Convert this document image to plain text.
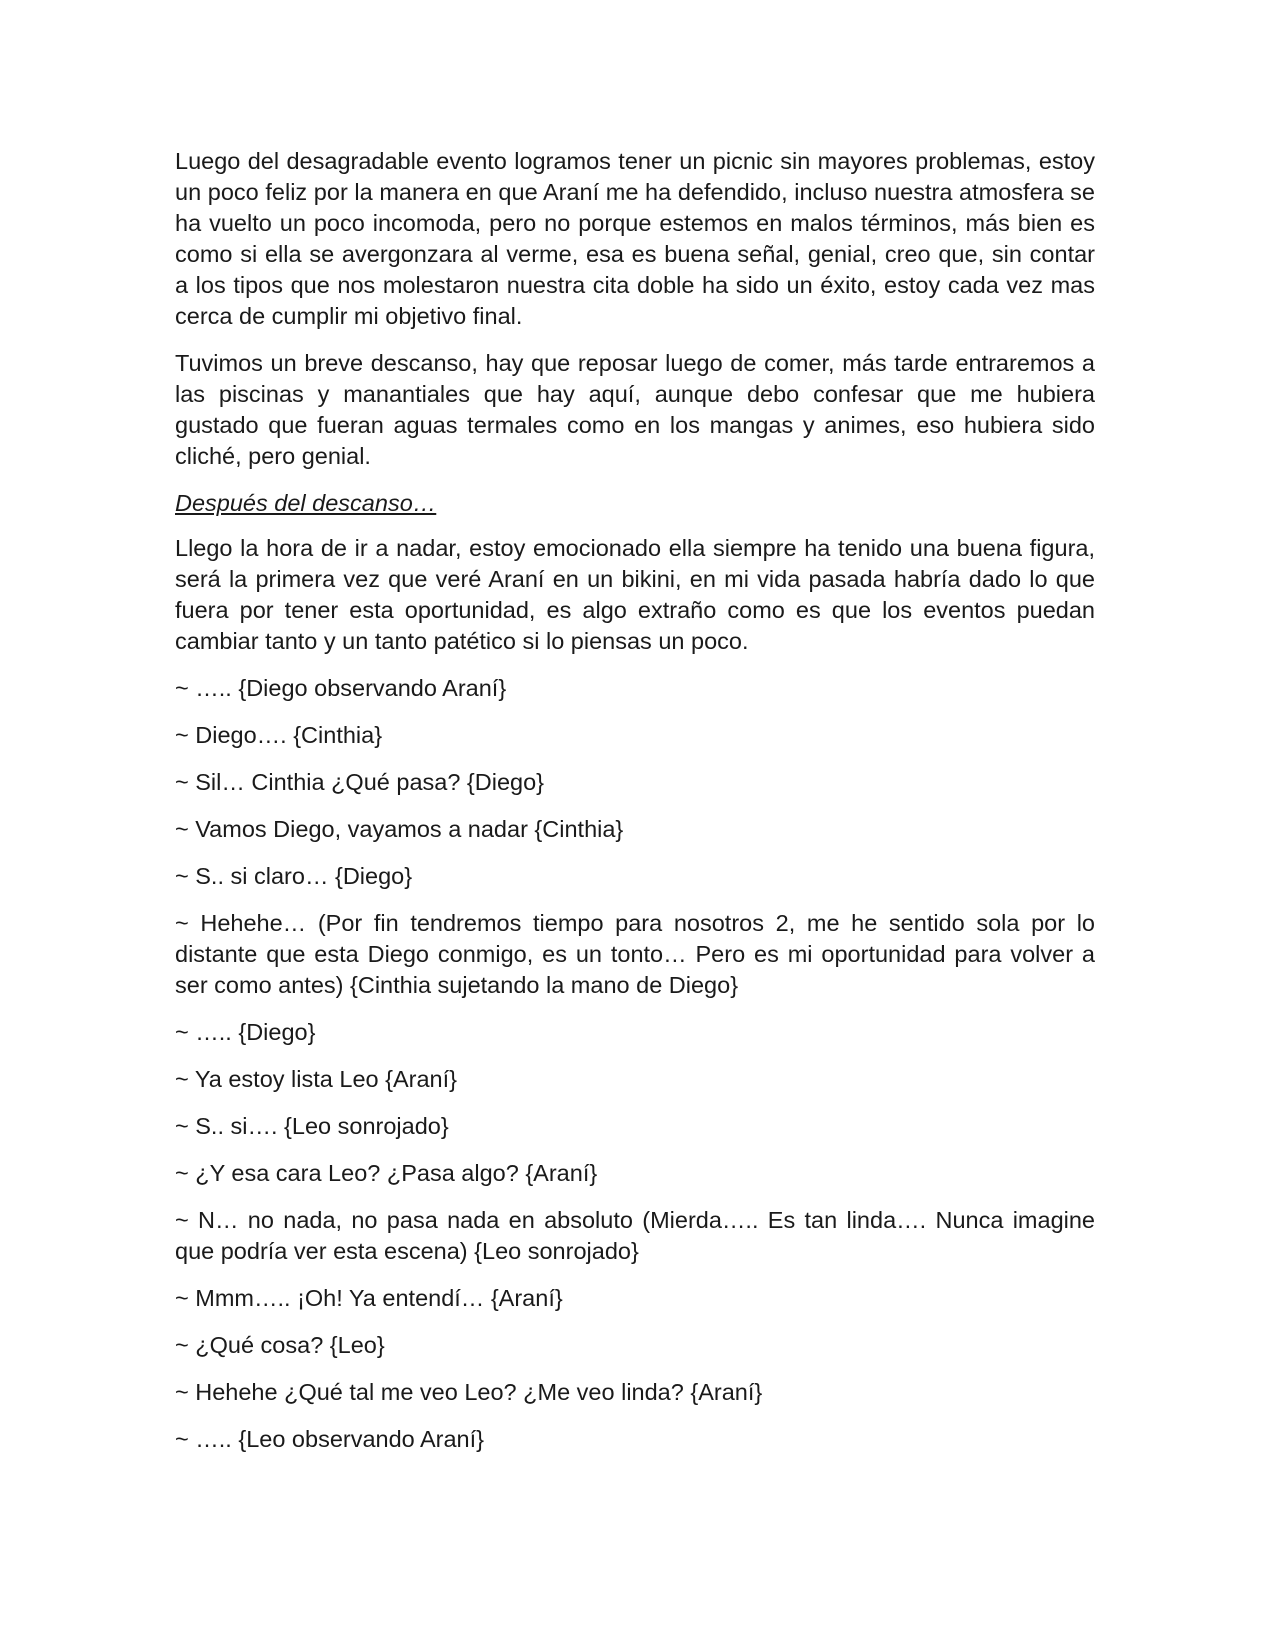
Luego del desagradable evento logramos tener un picnic sin mayores problemas, estoy un poco feliz por la manera en que Araní me ha defendido, incluso nuestra atmosfera se ha vuelto un poco incomoda, pero no porque estemos en malos términos, más bien es como si ella se avergonzara al verme, esa es buena señal, genial, creo que, sin contar a los tipos que nos molestaron nuestra cita doble ha sido un éxito, estoy cada vez mas cerca de cumplir mi objetivo final.

Tuvimos un breve descanso, hay que reposar luego de comer, más tarde entraremos a las piscinas y manantiales que hay aquí, aunque debo confesar que me hubiera gustado que fueran aguas termales como en los mangas y animes, eso hubiera sido cliché, pero genial.

Después del descanso…

Llego la hora de ir a nadar, estoy emocionado ella siempre ha tenido una buena figura, será la primera vez que veré Araní en un bikini, en mi vida pasada habría dado lo que fuera por tener esta oportunidad, es algo extraño como es que los eventos puedan cambiar tanto y un tanto patético si lo piensas un poco.

~ ….. {Diego observando Araní}

~ Diego…. {Cinthia}

~ Sil… Cinthia ¿Qué pasa? {Diego}

~ Vamos Diego, vayamos a nadar {Cinthia}

~ S.. si claro… {Diego}

~ Hehehe… (Por fin tendremos tiempo para nosotros 2, me he sentido sola por lo distante que esta Diego conmigo, es un tonto… Pero es mi oportunidad para volver a ser como antes) {Cinthia sujetando la mano de Diego}

~ ….. {Diego}

~ Ya estoy lista Leo {Araní}

~ S.. si…. {Leo sonrojado}

~ ¿Y esa cara Leo? ¿Pasa algo? {Araní}

~ N… no nada, no pasa nada en absoluto (Mierda….. Es tan linda…. Nunca imagine que podría ver esta escena) {Leo sonrojado}

~ Mmm….. ¡Oh! Ya entendí… {Araní}

~ ¿Qué cosa? {Leo}

~ Hehehe ¿Qué tal me veo Leo? ¿Me veo linda? {Araní}

~ ….. {Leo observando Araní}
